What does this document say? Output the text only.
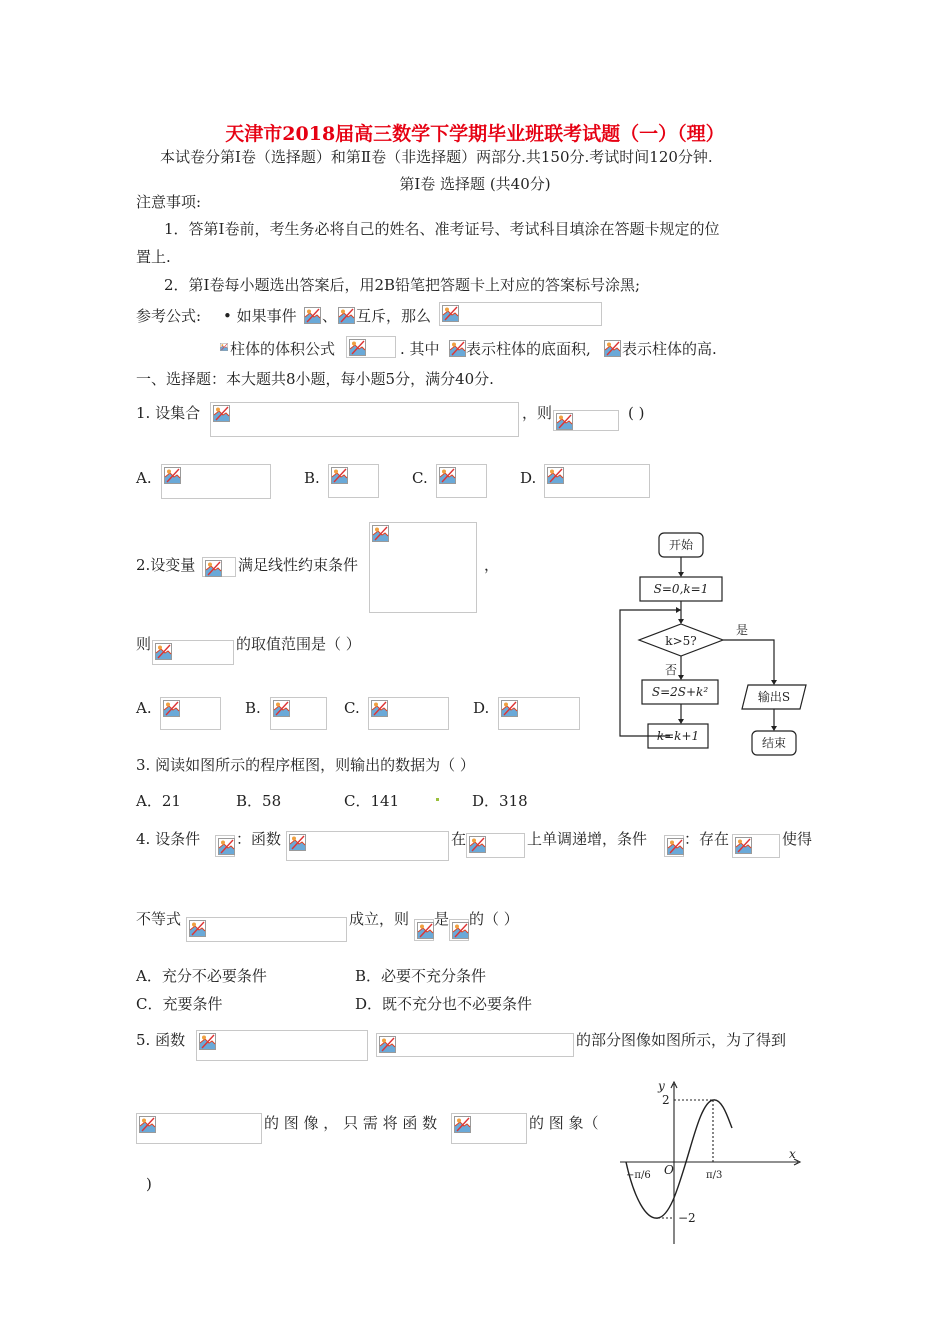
天津市2018届高三数学下学期毕业班联考试题（一）（理）
本试卷分第Ⅰ卷（选择题）和第Ⅱ卷（非选择题）两部分.共150分.考试时间120分钟.
第Ⅰ卷 选择题 (共40分)
注意事项:
1．答第Ⅰ卷前，考生务必将自己的姓名、准考证号、考试科目填涂在答题卡规定的位
置上.
2．第Ⅰ卷每小题选出答案后，用2B铅笔把答题卡上对应的答案标号涂黑;
参考公式: • 如果事件 、 互斥，那么
柱体的体积公式	. 其中 表示柱体的底面积, 表示柱体的高.
一、选择题：本大题共8小题，每小题5分，满分40分.
1. 设集合	，则	( )
A.	B.	C.	D.
2.设变量	满足线性约束条件	，
则	的取值范围是（ ）
A.	B.	C.	D.
开始
S=0,k=1
k>5?
是
否
S=2S+k²
k=k+1
输出S
结束
3. 阅读如图所示的程序框图，则输出的数据为（ ）
A．21	B．58	C．141	D．318
4. 设条件 ：函数	在	上单调递增，条件 ：存在	使得
不等式	成立，则 是 的（ ）
A．充分不必要条件	B．必要不充分条件
C．充要条件	D．既不充分也不必要条件
5. 函数	的部分图像如图所示，为了得到
的 图 像 ， 只 需 将 函 数	的 图 象（
)
y
x
2
−2
O
−π/6	π/3
